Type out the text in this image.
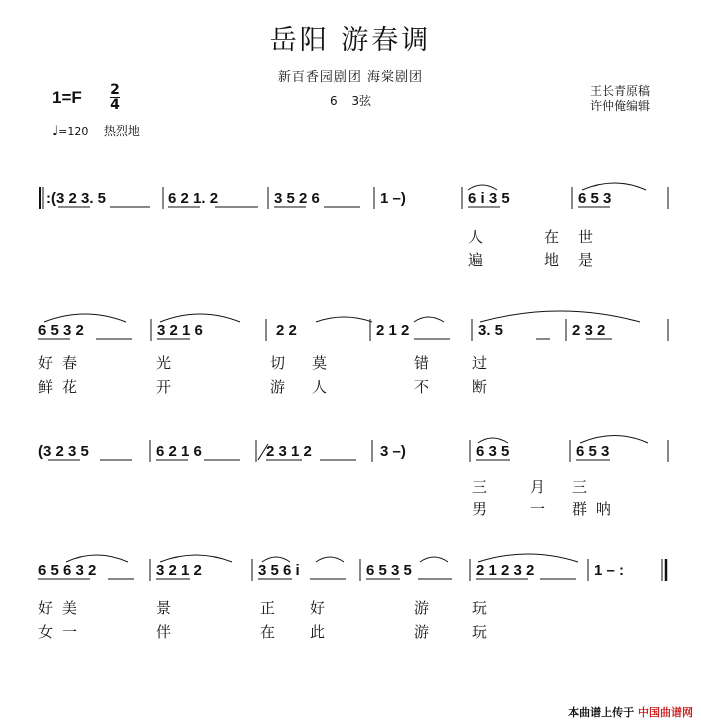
岳阳 游春调
新百香园剧团 海棠剧团
6 3弦
1=F 2
4
♩=120 热烈地
王长青原稿
许仲俺编辑
:(3 2 3. 5	6 2 1. 2	3 5 2 6	1 –)	6 i 3 5	6 5 3
6 5 3 2	3 2 1 6	2 2	2 1 2	3. 5	2 3 2
(3 2 3 5	6 2 1 6	2 3 1 2	3 –)	6 3 5	6 5 3
6 5 6 3 2	3 2 1 2	3 5 6 i	6 5 3 5	2 1 2 3 2	1 – :
人	在 世
遍	地 是
好 春	光	切 莫	错	过
鲜 花	开	游 人	不	断
三	月 三
男	一 群 呐
好 美	景	正 好	游	玩
女 一	伴	在 此	游	玩
本曲谱上传于 中国曲谱网
